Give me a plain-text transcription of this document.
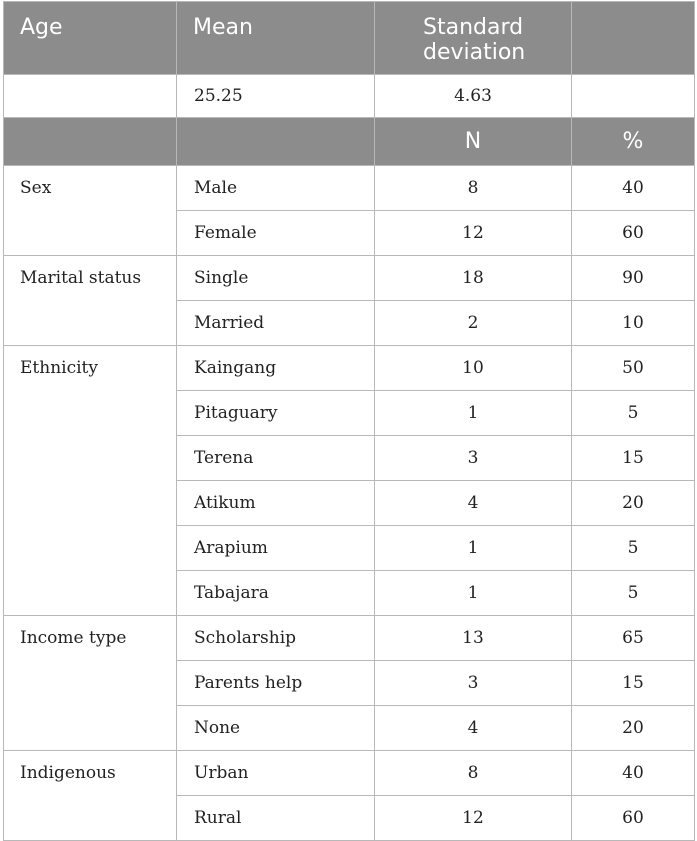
Age	Mean	Standard deviation	
	25.25	4.63	
		N	%
Sex	Male	8	40
	Female	12	60
Marital status	Single	18	90
	Married	2	10
Ethnicity	Kaingang	10	50
	Pitaguary	1	5
	Terena	3	15
	Atikum	4	20
	Arapium	1	5
	Tabajara	1	5
Income type	Scholarship	13	65
	Parents help	3	15
	None	4	20
Indigenous	Urban	8	40
	Rural	12	60
